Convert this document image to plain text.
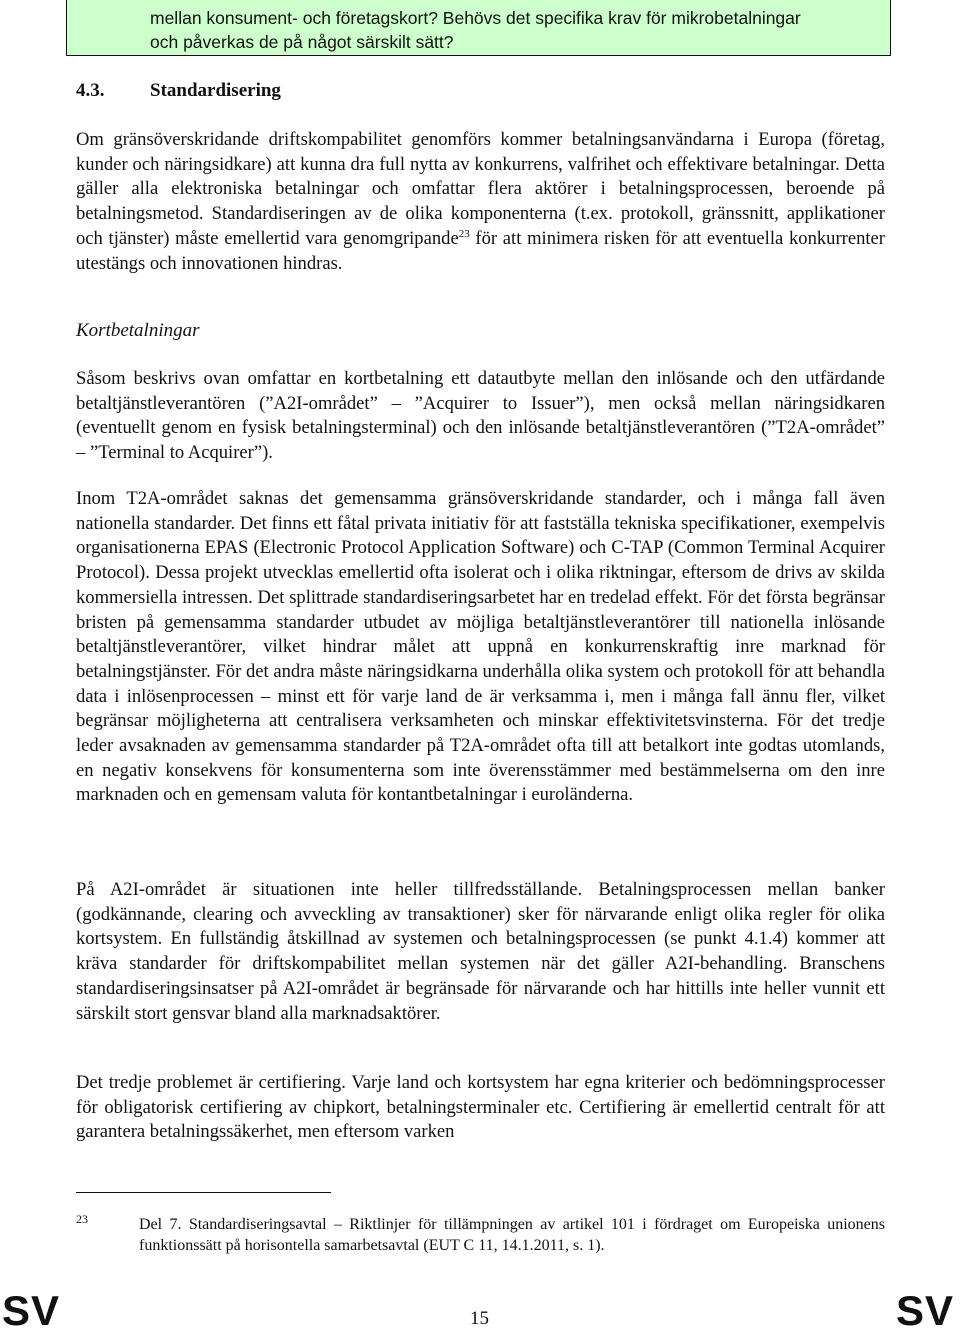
mellan konsument- och företagskort? Behövs det specifika krav för mikrobetalningar

och påverkas de på något särskilt sätt?

4.3. Standardisering

Om gränsöverskridande driftskompabilitet genomförs kommer betalningsanvändarna i Europa (företag, kunder och näringsidkare) att kunna dra full nytta av konkurrens, valfrihet och effektivare betalningar. Detta gäller alla elektroniska betalningar och omfattar flera aktörer i betalningsprocessen, beroende på betalningsmetod. Standardiseringen av de olika komponenterna (t.ex. protokoll, gränssnitt, applikationer och tjänster) måste emellertid vara genomgripande$^{23}$ för att minimera risken för att eventuella konkurrenter utestängs och innovationen hindras.

Kortbetalningar

Såsom beskrivs ovan omfattar en kortbetalning ett datautbyte mellan den inlösande och den utfärdande betaltjänstleverantören (”A2I-området” – ”Acquirer to Issuer”), men också mellan näringsidkaren (eventuellt genom en fysisk betalningsterminal) och den inlösande betaltjänstleverantören (”T2A-området” – ”Terminal to Acquirer”).

Inom T2A-området saknas det gemensamma gränsöverskridande standarder, och i många fall även nationella standarder. Det finns ett fåtal privata initiativ för att fastställa tekniska specifikationer, exempelvis organisationerna EPAS (Electronic Protocol Application Software) och C-TAP (Common Terminal Acquirer Protocol). Dessa projekt utvecklas emellertid ofta isolerat och i olika riktningar, eftersom de drivs av skilda kommersiella intressen. Det splittrade standardiseringsarbetet har en tredelad effekt. För det första begränsar bristen på gemensamma standarder utbudet av möjliga betaltjänstleverantörer till nationella inlösande betaltjänstleverantörer, vilket hindrar målet att uppnå en konkurrenskraftig inre marknad för betalningstjänster. För det andra måste näringsidkarna underhålla olika system och protokoll för att behandla data i inlösenprocessen – minst ett för varje land de är verksamma i, men i många fall ännu fler, vilket begränsar möjligheterna att centralisera verksamheten och minskar effektivitetsvinsterna. För det tredje leder avsaknaden av gemensamma standarder på T2A-området ofta till att betalkort inte godtas utomlands, en negativ konsekvens för konsumenterna som inte överensstämmer med bestämmelserna om den inre marknaden och en gemensam valuta för kontantbetalningar i euroländerna.

På A2I-området är situationen inte heller tillfredsställande. Betalningsprocessen mellan banker (godkännande, clearing och avveckling av transaktioner) sker för närvarande enligt olika regler för olika kortsystem. En fullständig åtskillnad av systemen och betalningsprocessen (se punkt 4.1.4) kommer att kräva standarder för driftskompabilitet mellan systemen när det gäller A2I-behandling. Branschens standardiseringsinsatser på A2I-området är begränsade för närvarande och har hittills inte heller vunnit ett särskilt stort gensvar bland alla marknadsaktörer.

Det tredje problemet är certifiering. Varje land och kortsystem har egna kriterier och bedömningsprocesser för obligatorisk certifiering av chipkort, betalningsterminaler etc. Certifiering är emellertid centralt för att garantera betalningssäkerhet, men eftersom varken

23	Del 7. Standardiseringsavtal – Riktlinjer för tillämpningen av artikel 101 i fördraget om Europeiska unionens funktionssätt på horisontella samarbetsavtal (EUT C 11, 14.1.2011, s. 1).

SV	15	SV
